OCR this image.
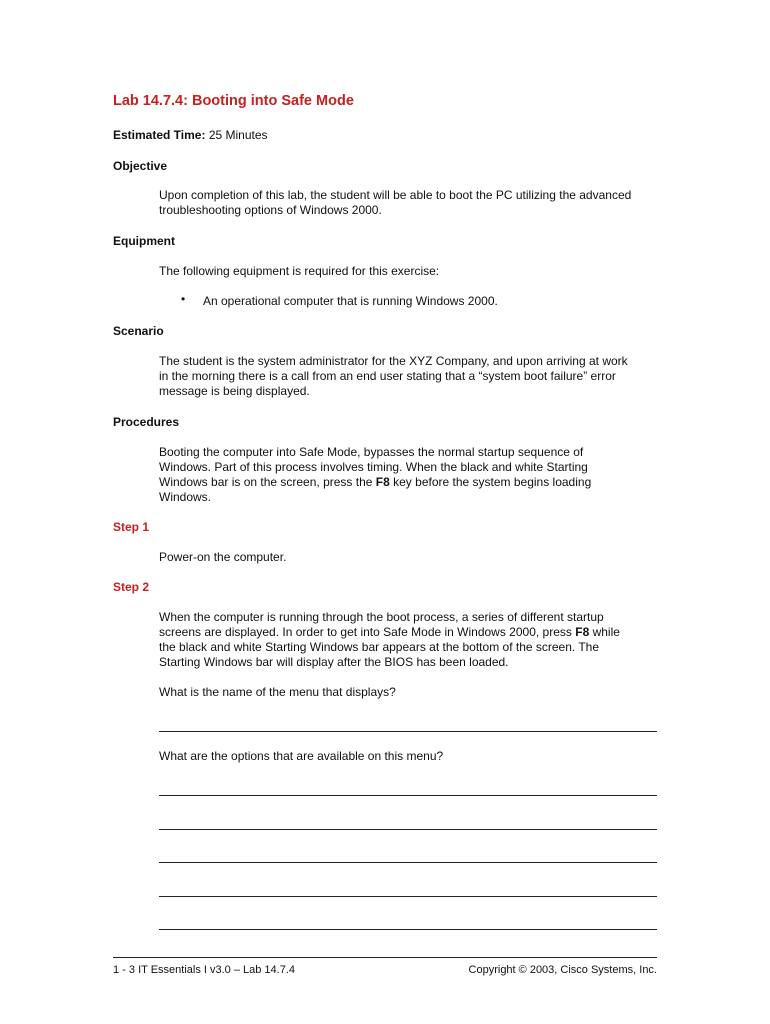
Lab 14.7.4: Booting into Safe Mode
Estimated Time: 25 Minutes
Objective
Upon completion of this lab, the student will be able to boot the PC utilizing the advanced
troubleshooting options of Windows 2000.
Equipment
The following equipment is required for this exercise:
• An operational computer that is running Windows 2000.
Scenario
The student is the system administrator for the XYZ Company, and upon arriving at work
in the morning there is a call from an end user stating that a “system boot failure” error
message is being displayed.
Procedures
Booting the computer into Safe Mode, bypasses the normal startup sequence of
Windows. Part of this process involves timing. When the black and white Starting
Windows bar is on the screen, press the F8 key before the system begins loading
Windows.
Step 1
Power-on the computer.
Step 2
When the computer is running through the boot process, a series of different startup
screens are displayed. In order to get into Safe Mode in Windows 2000, press F8 while
the black and white Starting Windows bar appears at the bottom of the screen. The
Starting Windows bar will display after the BIOS has been loaded.
What is the name of the menu that displays?
What are the options that are available on this menu?
1 - 3 IT Essentials I v3.0 – Lab 14.7.4	Copyright © 2003, Cisco Systems, Inc.
